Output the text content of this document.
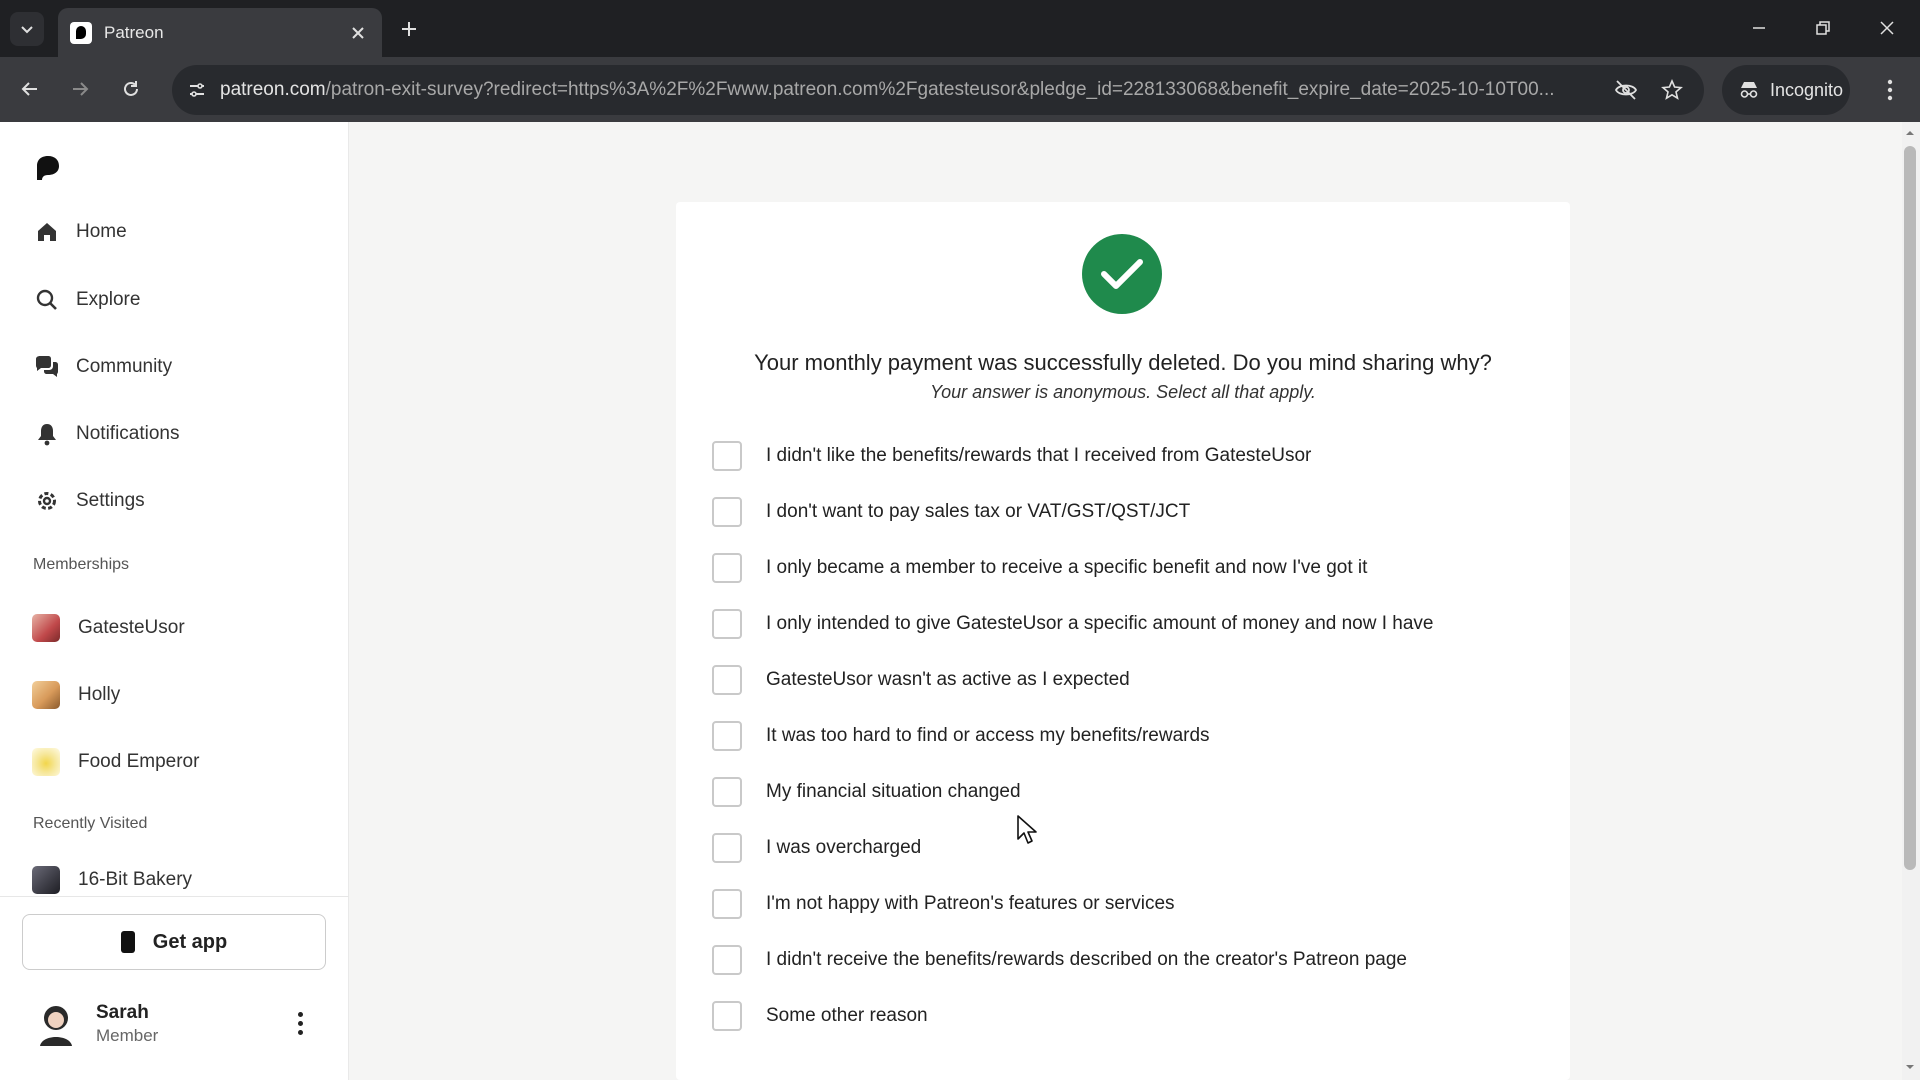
Patreon
patreon.com/patron-exit-survey?redirect=https%3A%2F%2Fwww.patreon.com%2Fgatesteusor&pledge_id=228133068&benefit_expire_date=2025-10-10T00...	Incognito
Home
Explore
Community
Notifications
Settings
Memberships
GatesteUsor
Holly
Food Emperor
Recently Visited
16-Bit Bakery
Get app
Sarah
Member
Your monthly payment was successfully deleted. Do you mind sharing why?
Your answer is anonymous. Select all that apply.
I didn't like the benefits/rewards that I received from GatesteUsor
I don't want to pay sales tax or VAT/GST/QST/JCT
I only became a member to receive a specific benefit and now I've got it
I only intended to give GatesteUsor a specific amount of money and now I have
GatesteUsor wasn't as active as I expected
It was too hard to find or access my benefits/rewards
My financial situation changed
I was overcharged
I'm not happy with Patreon's features or services
I didn't receive the benefits/rewards described on the creator's Patreon page
Some other reason
